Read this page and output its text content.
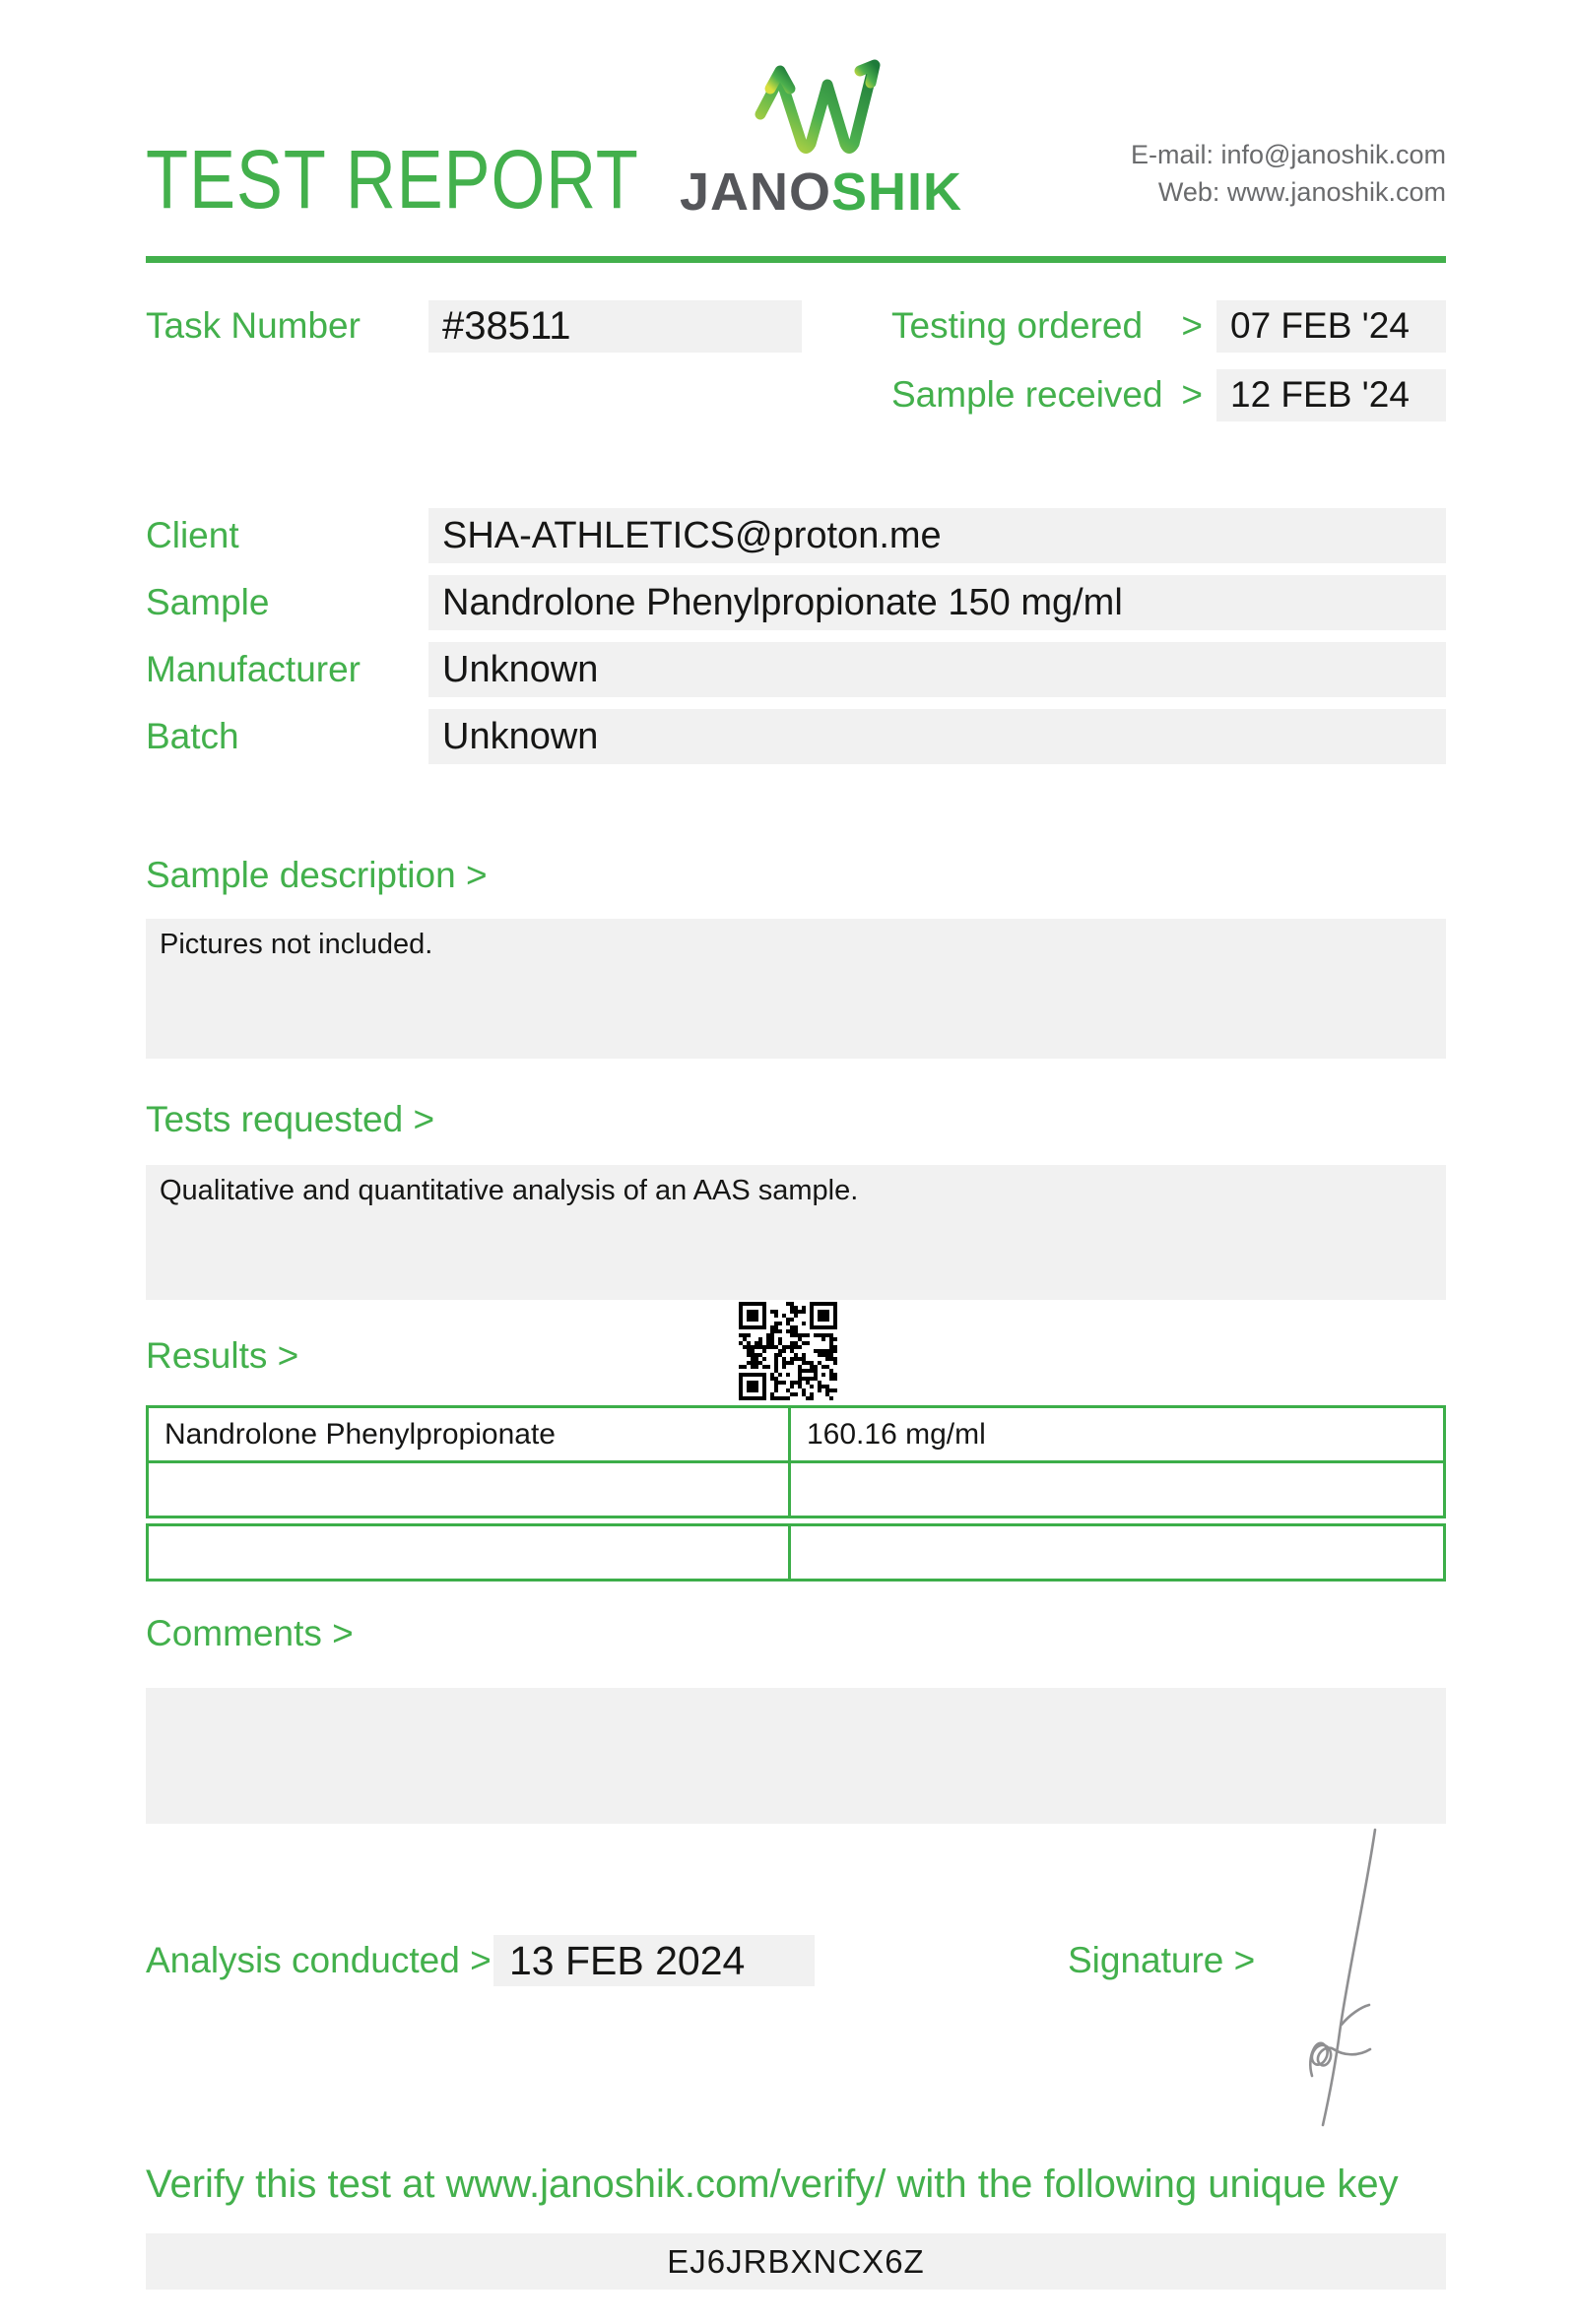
TEST REPORT JANOSHIK
E-mail: info@janoshik.com
Web: www.janoshik.com
Task Number #38511	Testing ordered	> 07 FEB '24
Sample received > 12 FEB '24
Client	SHA-ATHLETICS@proton.me
Sample	Nandrolone Phenylpropionate 150 mg/ml
Manufacturer	Unknown
Batch	Unknown
Sample description >
Pictures not included.
Tests requested >
Qualitative and quantitative analysis of an AAS sample.
Results >
Nandrolone Phenylpropionate	160.16 mg/ml
Comments >
Analysis conducted > 13 FEB 2024	Signature >
Verify this test at www.janoshik.com/verify/ with the following unique key
EJ6JRBXNCX6Z
